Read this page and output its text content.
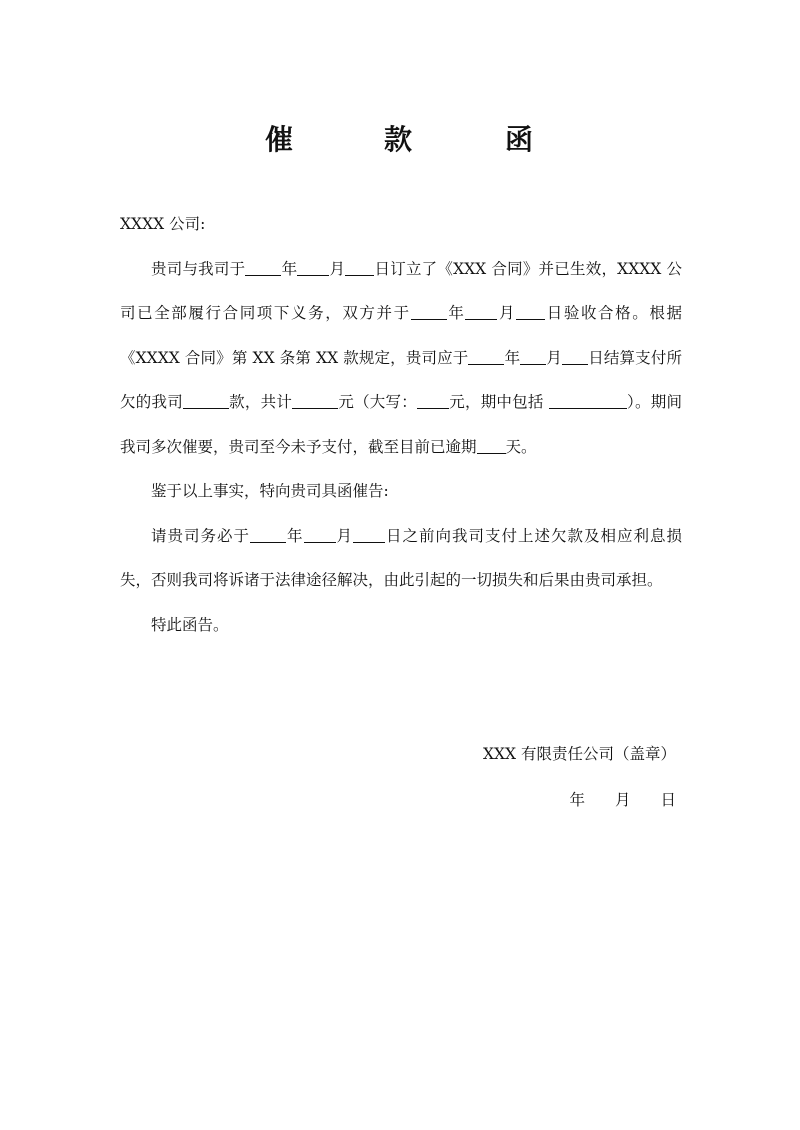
催	款	函

XXXX 公司:

贵司与我司于 年 月 日订立了《XXX 合同》并已生效，XXXX 公司已全部履行合同项下义务，双方并于 年 月 日验收合格。根据《XXXX 合同》第 XX 条第 XX 款规定，贵司应于 年 月 日结算支付所欠的我司	款，共计	元（大写： 元，期中包括	）。期间我司多次催要，贵司至今未予支付，截至目前已逾期 天。

鉴于以上事实，特向贵司具函催告:

请贵司务必于 年 月 日之前向我司支付上述欠款及相应利息损失，否则我司将诉诸于法律途径解决，由此引起的一切损失和后果由贵司承担。

特此函告。

XXX 有限责任公司（盖章）
年 月 日
